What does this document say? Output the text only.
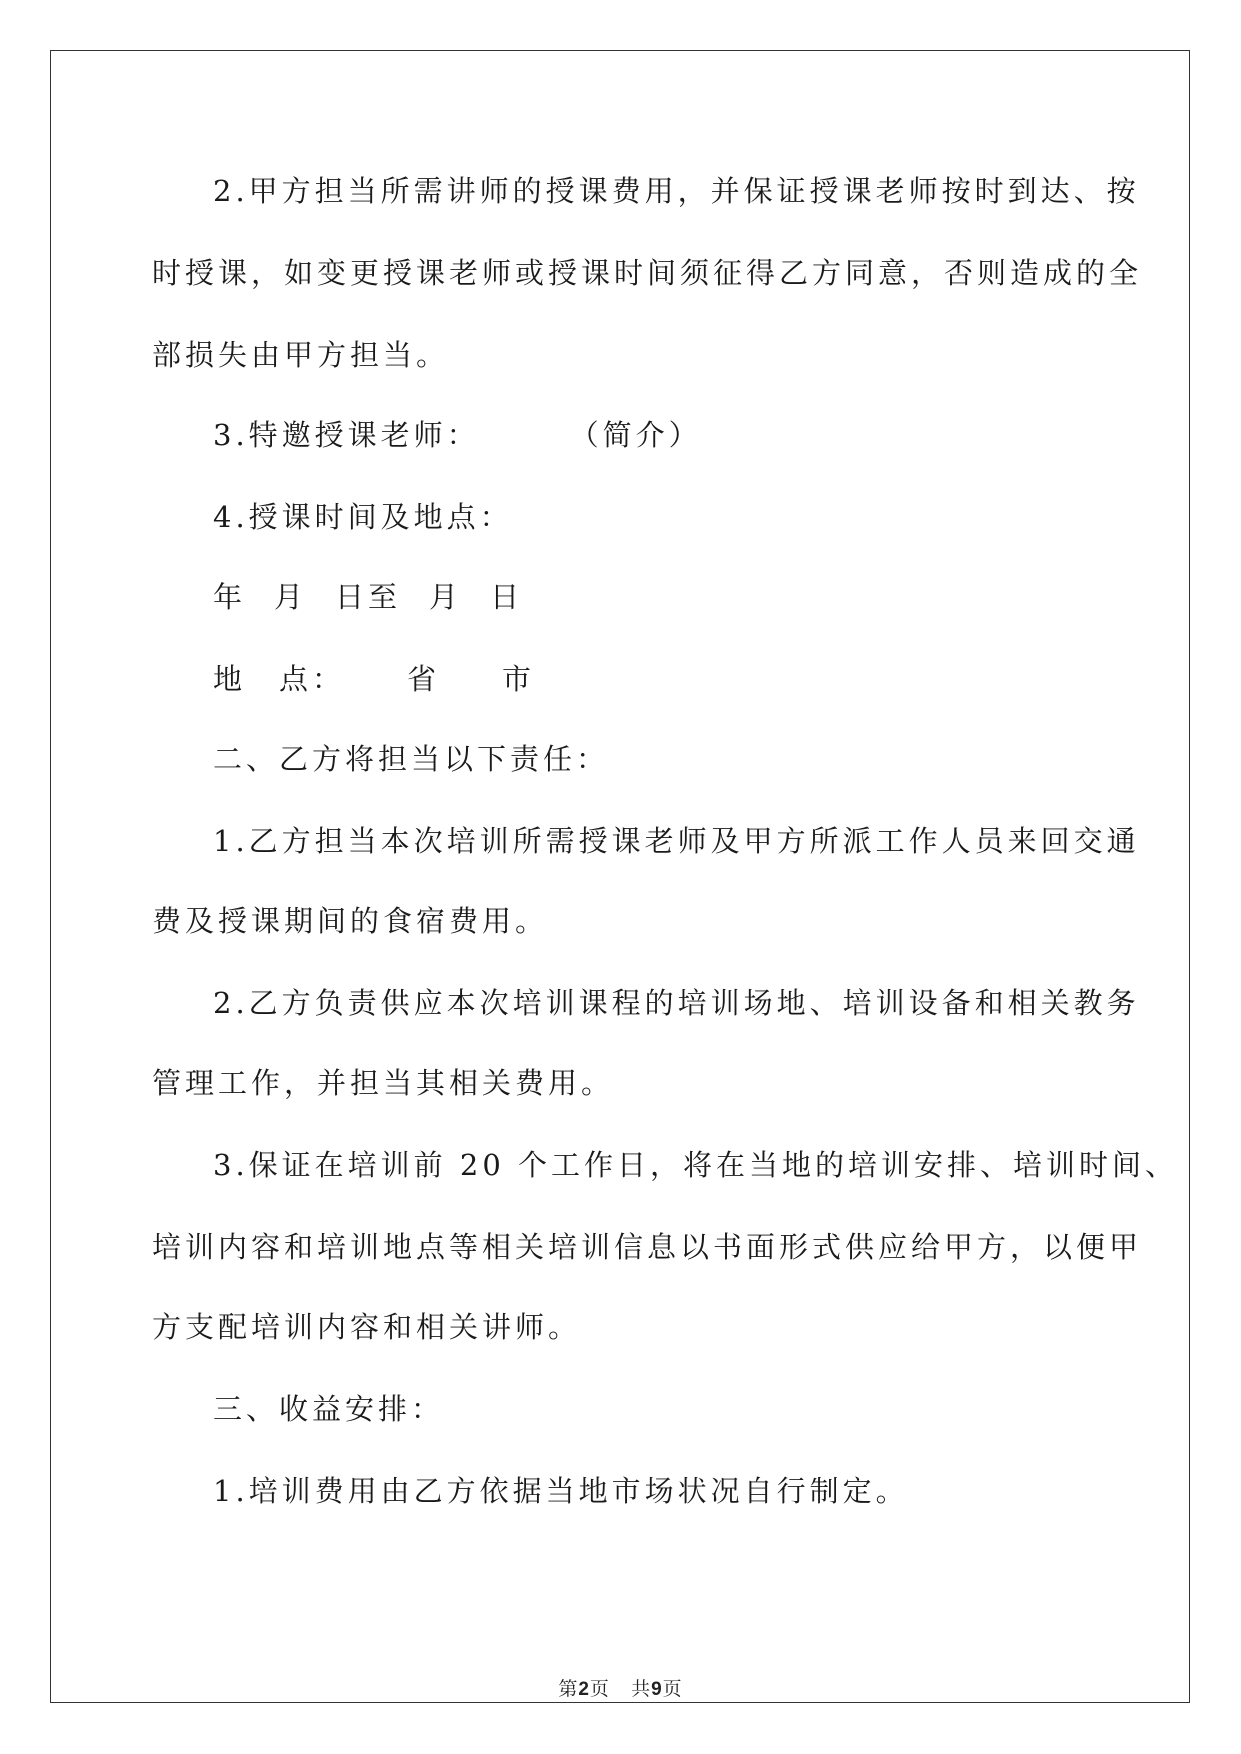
2.甲方担当所需讲师的授课费用，并保证授课老师按时到达、按
时授课，如变更授课老师或授课时间须征得乙方同意，否则造成的全
部损失由甲方担当。
3.特邀授课老师：	（简介）
4.授课时间及地点：
年 月 日至 月 日
地　点： 省 市
二、乙方将担当以下责任：
1.乙方担当本次培训所需授课老师及甲方所派工作人员来回交通
费及授课期间的食宿费用。
2.乙方负责供应本次培训课程的培训场地、培训设备和相关教务
管理工作，并担当其相关费用。
3.保证在培训前 20 个工作日，将在当地的培训安排、培训时间、
培训内容和培训地点等相关培训信息以书面形式供应给甲方，以便甲
方支配培训内容和相关讲师。
三、收益安排：
1.培训费用由乙方依据当地市场状况自行制定。
第2页 共9页
